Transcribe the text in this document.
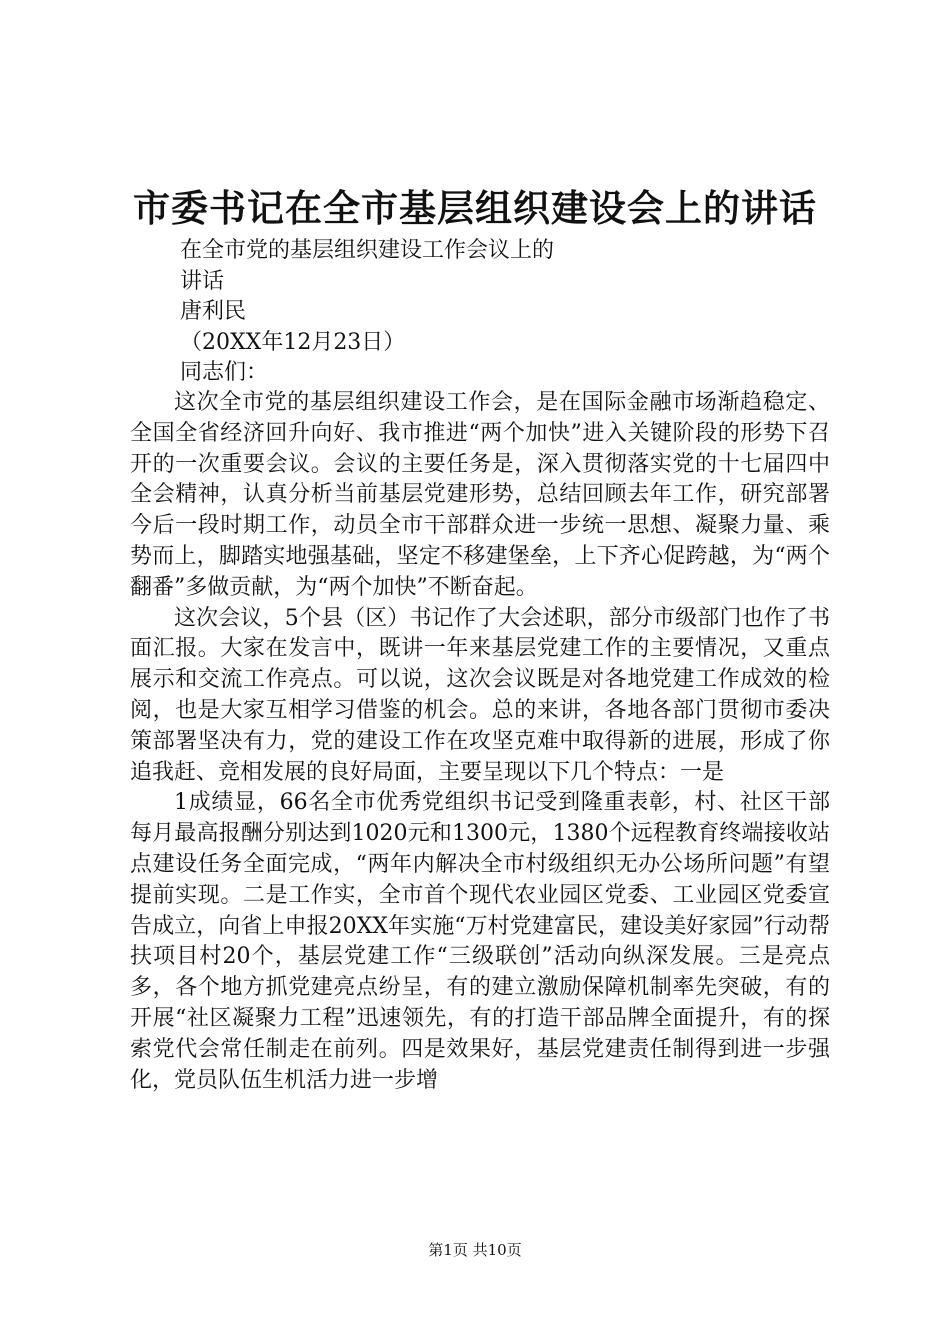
市委书记在全市基层组织建设会上的讲话
在全市党的基层组织建设工作会议上的
讲话
唐利民
（20XX年12月23日）
同志们：

这次全市党的基层组织建设工作会，是在国际金融市场渐趋稳定、全国全省经济回升向好、我市推进“两个加快”进入关键阶段的形势下召开的一次重要会议。会议的主要任务是，深入贯彻落实党的十七届四中全会精神，认真分析当前基层党建形势，总结回顾去年工作，研究部署今后一段时期工作，动员全市干部群众进一步统一思想、凝聚力量、乘势而上，脚踏实地强基础，坚定不移建堡垒，上下齐心促跨越，为“两个翻番”多做贡献，为“两个加快”不断奋起。

这次会议，5个县（区）书记作了大会述职，部分市级部门也作了书面汇报。大家在发言中，既讲一年来基层党建工作的主要情况，又重点展示和交流工作亮点。可以说，这次会议既是对各地党建工作成效的检阅，也是大家互相学习借鉴的机会。总的来讲，各地各部门贯彻市委决策部署坚决有力，党的建设工作在攻坚克难中取得新的进展，形成了你追我赶、竞相发展的良好局面，主要呈现以下几个特点：一是

1成绩显，66名全市优秀党组织书记受到隆重表彰，村、社区干部每月最高报酬分别达到1020元和1300元，1380个远程教育终端接收站点建设任务全面完成，“两年内解决全市村级组织无办公场所问题”有望提前实现。二是工作实，全市首个现代农业园区党委、工业园区党委宣告成立，向省上申报20XX年实施“万村党建富民，建设美好家园”行动帮扶项目村20个，基层党建工作“三级联创”活动向纵深发展。三是亮点多，各个地方抓党建亮点纷呈，有的建立激励保障机制率先突破，有的开展“社区凝聚力工程”迅速领先，有的打造干部品牌全面提升，有的探索党代会常任制走在前列。四是效果好，基层党建责任制得到进一步强化，党员队伍生机活力进一步增

第1页 共10页
